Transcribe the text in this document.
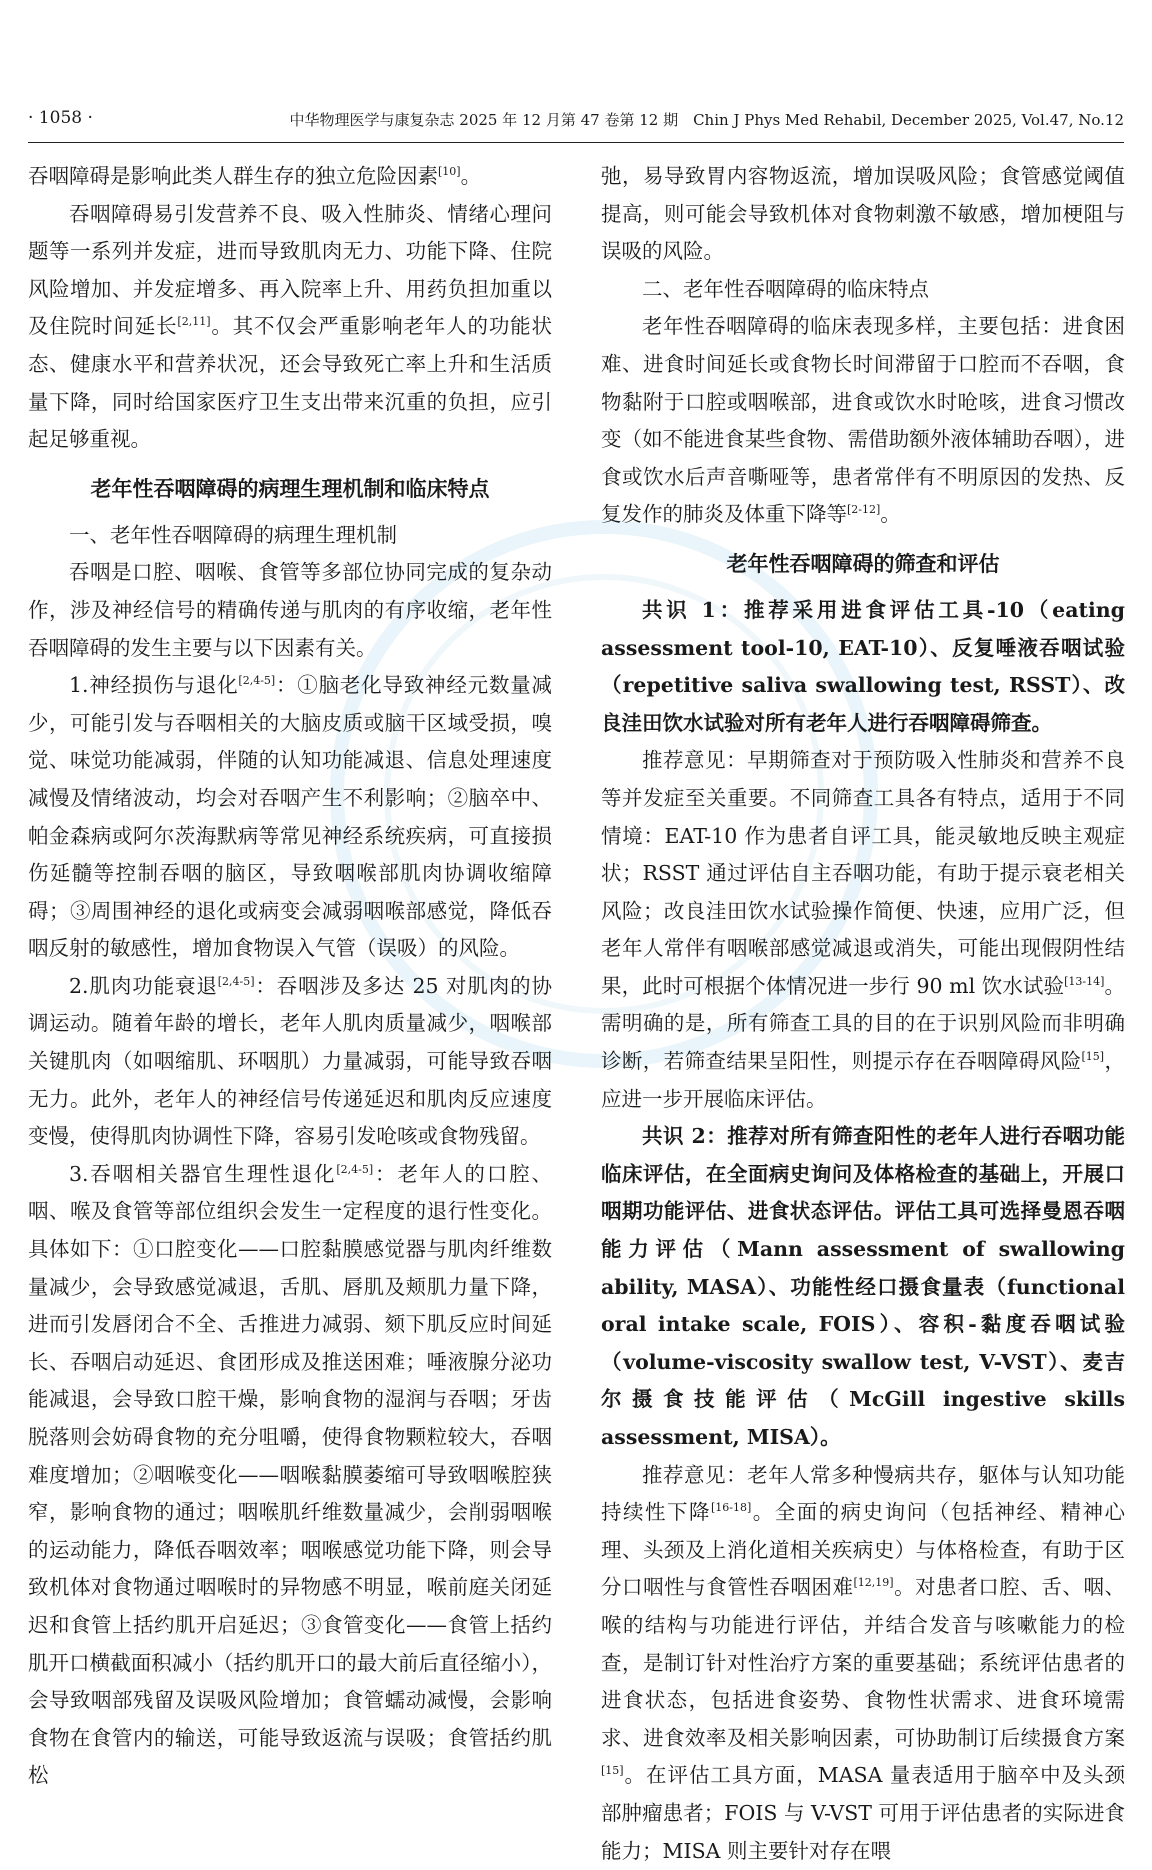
· 1058 ·	中华物理医学与康复杂志 2025 年 12 月第 47 卷第 12 期　Chin J Phys Med Rehabil, December 2025, Vol.47, No.12

吞咽障碍是影响此类人群生存的独立危险因素[10]。

吞咽障碍易引发营养不良、吸入性肺炎、情绪心理问题等一系列并发症，进而导致肌肉无力、功能下降、住院风险增加、并发症增多、再入院率上升、用药负担加重以及住院时间延长[2,11]。其不仅会严重影响老年人的功能状态、健康水平和营养状况，还会导致死亡率上升和生活质量下降，同时给国家医疗卫生支出带来沉重的负担，应引起足够重视。

老年性吞咽障碍的病理生理机制和临床特点

一、老年性吞咽障碍的病理生理机制

吞咽是口腔、咽喉、食管等多部位协同完成的复杂动作，涉及神经信号的精确传递与肌肉的有序收缩，老年性吞咽障碍的发生主要与以下因素有关。

1.神经损伤与退化[2,4-5]：①脑老化导致神经元数量减少，可能引发与吞咽相关的大脑皮质或脑干区域受损，嗅觉、味觉功能减弱，伴随的认知功能减退、信息处理速度减慢及情绪波动，均会对吞咽产生不利影响；②脑卒中、帕金森病或阿尔茨海默病等常见神经系统疾病，可直接损伤延髓等控制吞咽的脑区，导致咽喉部肌肉协调收缩障碍；③周围神经的退化或病变会减弱咽喉部感觉，降低吞咽反射的敏感性，增加食物误入气管（误吸）的风险。

2.肌肉功能衰退[2,4-5]：吞咽涉及多达 25 对肌肉的协调运动。随着年龄的增长，老年人肌肉质量减少，咽喉部关键肌肉（如咽缩肌、环咽肌）力量减弱，可能导致吞咽无力。此外，老年人的神经信号传递延迟和肌肉反应速度变慢，使得肌肉协调性下降，容易引发呛咳或食物残留。

3.吞咽相关器官生理性退化[2,4-5]：老年人的口腔、咽、喉及食管等部位组织会发生一定程度的退行性变化。具体如下：①口腔变化——口腔黏膜感觉器与肌肉纤维数量减少，会导致感觉减退，舌肌、唇肌及颊肌力量下降，进而引发唇闭合不全、舌推进力减弱、颏下肌反应时间延长、吞咽启动延迟、食团形成及推送困难；唾液腺分泌功能减退，会导致口腔干燥，影响食物的湿润与吞咽；牙齿脱落则会妨碍食物的充分咀嚼，使得食物颗粒较大，吞咽难度增加；②咽喉变化——咽喉黏膜萎缩可导致咽喉腔狭窄，影响食物的通过；咽喉肌纤维数量减少，会削弱咽喉的运动能力，降低吞咽效率；咽喉感觉功能下降，则会导致机体对食物通过咽喉时的异物感不明显，喉前庭关闭延迟和食管上括约肌开启延迟；③食管变化——食管上括约肌开口横截面积减小（括约肌开口的最大前后直径缩小），会导致咽部残留及误吸风险增加；食管蠕动减慢，会影响食物在食管内的输送，可能导致返流与误吸；食管括约肌松

弛，易导致胃内容物返流，增加误吸风险；食管感觉阈值提高，则可能会导致机体对食物刺激不敏感，增加梗阻与误吸的风险。

二、老年性吞咽障碍的临床特点

老年性吞咽障碍的临床表现多样，主要包括：进食困难、进食时间延长或食物长时间滞留于口腔而不吞咽，食物黏附于口腔或咽喉部，进食或饮水时呛咳，进食习惯改变（如不能进食某些食物、需借助额外液体辅助吞咽），进食或饮水后声音嘶哑等，患者常伴有不明原因的发热、反复发作的肺炎及体重下降等[2-12]。

老年性吞咽障碍的筛查和评估

共识 1：推荐采用进食评估工具-10（eating assessment tool-10, EAT-10）、反复唾液吞咽试验（repetitive saliva swallowing test, RSST）、改良洼田饮水试验对所有老年人进行吞咽障碍筛查。

推荐意见：早期筛查对于预防吸入性肺炎和营养不良等并发症至关重要。不同筛查工具各有特点，适用于不同情境：EAT-10 作为患者自评工具，能灵敏地反映主观症状；RSST 通过评估自主吞咽功能，有助于提示衰老相关风险；改良洼田饮水试验操作简便、快速，应用广泛，但老年人常伴有咽喉部感觉减退或消失，可能出现假阴性结果，此时可根据个体情况进一步行 90 ml 饮水试验[13-14]。需明确的是，所有筛查工具的目的在于识别风险而非明确诊断，若筛查结果呈阳性，则提示存在吞咽障碍风险[15]，应进一步开展临床评估。

共识 2：推荐对所有筛查阳性的老年人进行吞咽功能临床评估，在全面病史询问及体格检查的基础上，开展口咽期功能评估、进食状态评估。评估工具可选择曼恩吞咽能力评估（Mann assessment of swallowing ability, MASA）、功能性经口摄食量表（functional oral intake scale, FOIS）、容积-黏度吞咽试验（volume-viscosity swallow test, V-VST）、麦吉尔摄食技能评估（McGill ingestive skills assessment, MISA）。

推荐意见：老年人常多种慢病共存，躯体与认知功能持续性下降[16-18]。全面的病史询问（包括神经、精神心理、头颈及上消化道相关疾病史）与体格检查，有助于区分口咽性与食管性吞咽困难[12,19]。对患者口腔、舌、咽、喉的结构与功能进行评估，并结合发音与咳嗽能力的检查，是制订针对性治疗方案的重要基础；系统评估患者的进食状态，包括进食姿势、食物性状需求、进食环境需求、进食效率及相关影响因素，可协助制订后续摄食方案[15]。在评估工具方面，MASA 量表适用于脑卒中及头颈部肿瘤患者；FOIS 与 V-VST 可用于评估患者的实际进食能力；MISA 则主要针对存在喂
